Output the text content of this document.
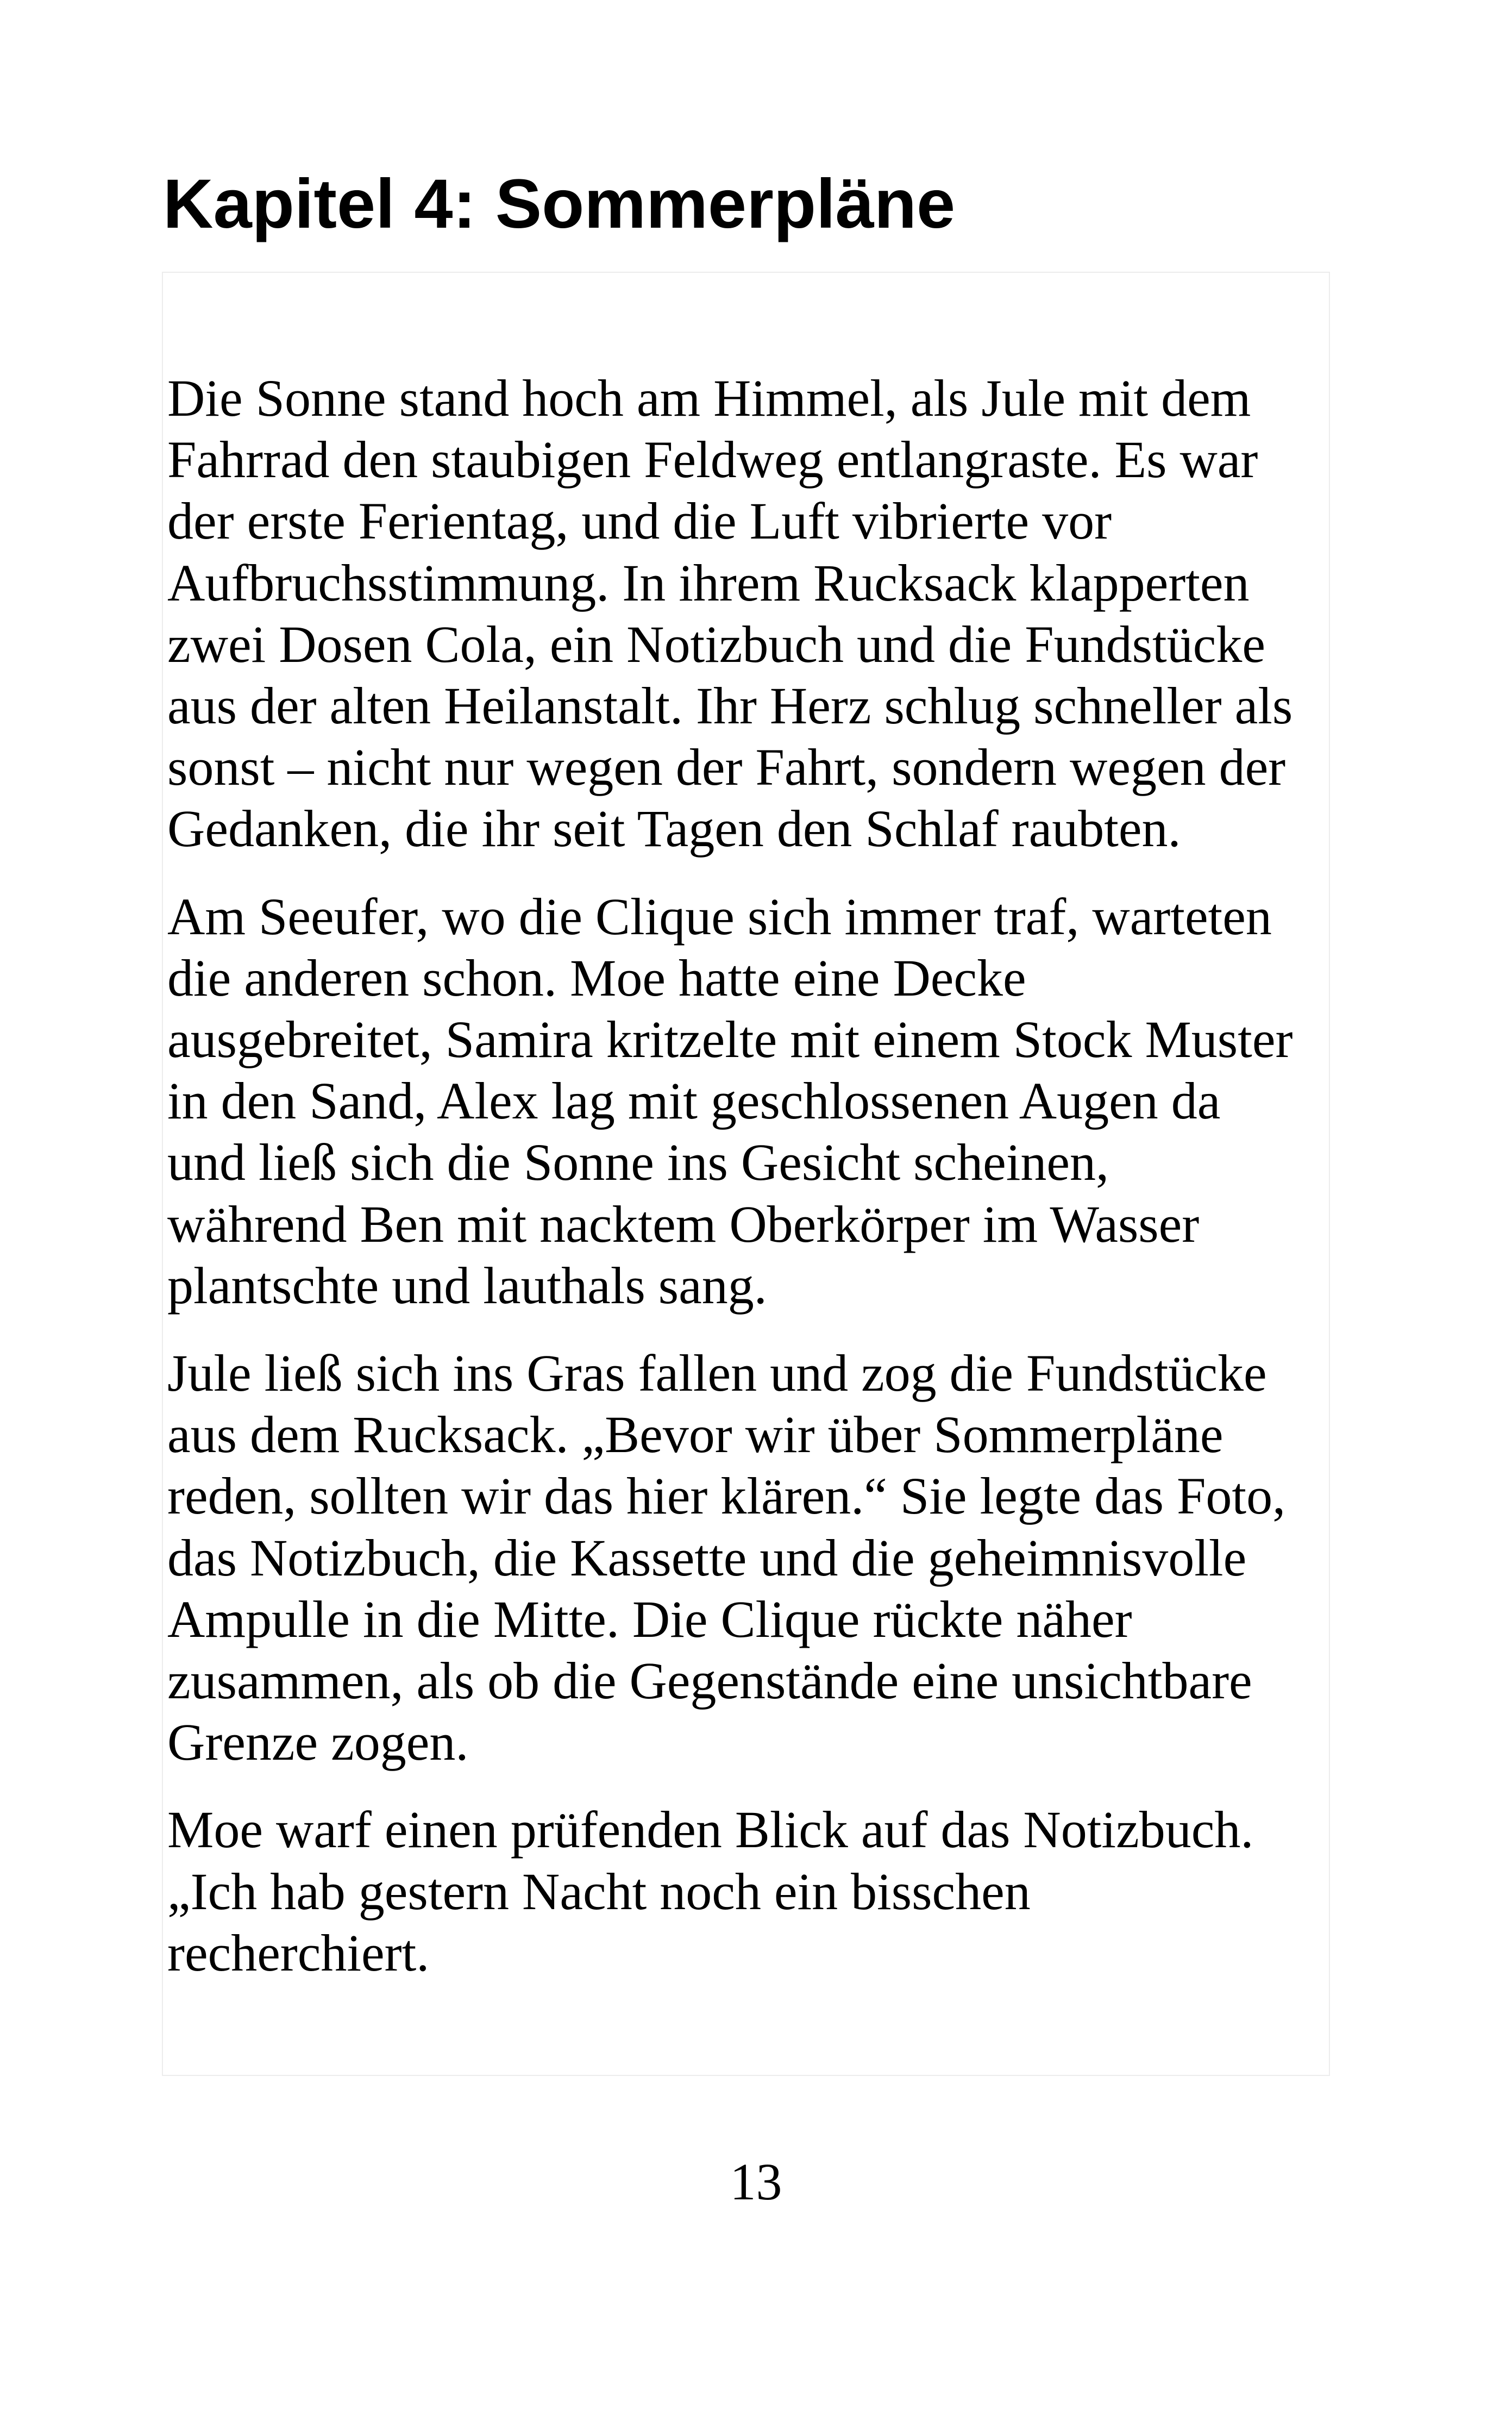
Kapitel 4: Sommerpläne

Die Sonne stand hoch am Himmel, als Jule mit dem
Fahrrad den staubigen Feldweg entlangraste. Es war
der erste Ferientag, und die Luft vibrierte vor
Aufbruchsstimmung. In ihrem Rucksack klapperten
zwei Dosen Cola, ein Notizbuch und die Fundstücke
aus der alten Heilanstalt. Ihr Herz schlug schneller als
sonst – nicht nur wegen der Fahrt, sondern wegen der
Gedanken, die ihr seit Tagen den Schlaf raubten.

Am Seeufer, wo die Clique sich immer traf, warteten
die anderen schon. Moe hatte eine Decke
ausgebreitet, Samira kritzelte mit einem Stock Muster
in den Sand, Alex lag mit geschlossenen Augen da
und ließ sich die Sonne ins Gesicht scheinen,
während Ben mit nacktem Oberkörper im Wasser
plantschte und lauthals sang.

Jule ließ sich ins Gras fallen und zog die Fundstücke
aus dem Rucksack. „Bevor wir über Sommerpläne
reden, sollten wir das hier klären.“ Sie legte das Foto,
das Notizbuch, die Kassette und die geheimnisvolle
Ampulle in die Mitte. Die Clique rückte näher
zusammen, als ob die Gegenstände eine unsichtbare
Grenze zogen.

Moe warf einen prüfenden Blick auf das Notizbuch.
„Ich hab gestern Nacht noch ein bisschen
recherchiert.

13
